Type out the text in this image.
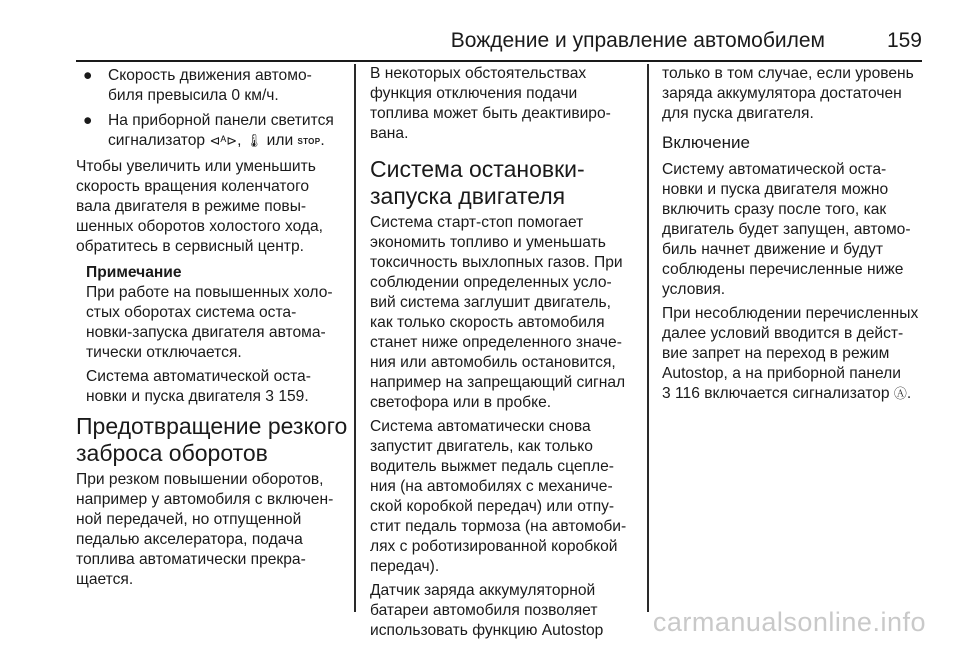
Вождение и управление автомобилем	159
● Скорость движения автомо-
биля превысила 0 км/ч.
● На приборной панели светится
сигнализатор ⊲ᴬ⊳, 🌡 или STOP.

Чтобы увеличить или уменьшить
скорость вращения коленчатого
вала двигателя в режиме повы-
шенных оборотов холостого хода,
обратитесь в сервисный центр.

Примечание

При работе на повышенных холо-
стых оборотах система оста-
новки-запуска двигателя автома-
тически отключается.

Система автоматической оста-
новки и пуска двигателя 3 159.

Предотвращение резкого
заброса оборотов

При резком повышении оборотов,
например у автомобиля с включен-
ной передачей, но отпущенной
педалью акселератора, подача
топлива автоматически прекра-
щается.

В некоторых обстоятельствах
функция отключения подачи
топлива может быть деактивиро-
вана.

Система остановки-
запуска двигателя

Система старт-стоп помогает
экономить топливо и уменьшать
токсичность выхлопных газов. При
соблюдении определенных усло-
вий система заглушит двигатель,
как только скорость автомобиля
станет ниже определенного значе-
ния или автомобиль остановится,
например на запрещающий сигнал
светофора или в пробке.

Система автоматически снова
запустит двигатель, как только
водитель выжмет педаль сцепле-
ния (на автомобилях с механиче-
ской коробкой передач) или отпу-
стит педаль тормоза (на автомоби-
лях с роботизированной коробкой
передач).

Датчик заряда аккумуляторной
батареи автомобиля позволяет
использовать функцию Autostop

только в том случае, если уровень
заряда аккумулятора достаточен
для пуска двигателя.

Включение

Систему автоматической оста-
новки и пуска двигателя можно
включить сразу после того, как
двигатель будет запущен, автомо-
биль начнет движение и будут
соблюдены перечисленные ниже
условия.

При несоблюдении перечисленных
далее условий вводится в дейст-
вие запрет на переход в режим
Autostop, а на приборной панели
3 116 включается сигнализатор Ⓐ.

carmanualsonline.info
